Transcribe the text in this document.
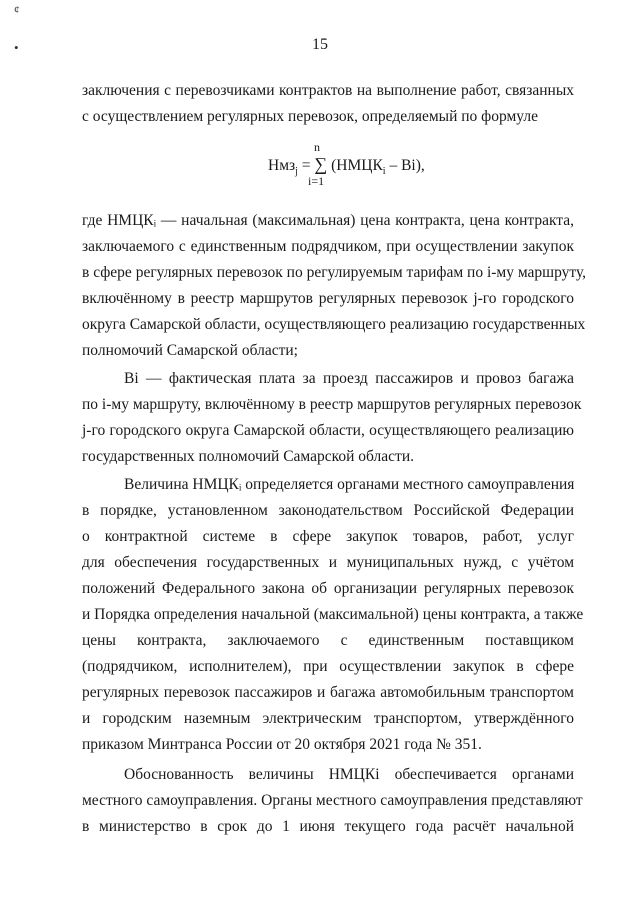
¢
•	15
заключения с перевозчиками контрактов на выполнение работ, связанных
с осуществлением регулярных перевозок, определяемый по формуле
n
Нмз$_j$ = ∑ $(НМЦК_i - Bi)$,
i=1
где НМЦКᵢ — начальная (максимальная) цена контракта, цена контракта,
заключаемого с единственным подрядчиком, при осуществлении закупок
в сфере регулярных перевозок по регулируемым тарифам по i-му маршруту,
включённому в реестр маршрутов регулярных перевозок j-го городского
округа Самарской области, осуществляющего реализацию государственных
полномочий Самарской области;
Bi — фактическая плата за проезд пассажиров и провоз багажа
по i-му маршруту, включённому в реестр маршрутов регулярных перевозок
j-го городского округа Самарской области, осуществляющего реализацию
государственных полномочий Самарской области.
Величина НМЦКᵢ определяется органами местного самоуправления
в порядке, установленном законодательством Российской Федерации
о контрактной системе в сфере закупок товаров, работ, услуг
для обеспечения государственных и муниципальных нужд, с учётом
положений Федерального закона об организации регулярных перевозок
и Порядка определения начальной (максимальной) цены контракта, а также
цены контракта, заключаемого с единственным поставщиком
(подрядчиком, исполнителем), при осуществлении закупок в сфере
регулярных перевозок пассажиров и багажа автомобильным транспортом
и городским наземным электрическим транспортом, утверждённого
приказом Минтранса России от 20 октября 2021 года № 351.
Обоснованность величины НМЦКi обеспечивается органами
местного самоуправления. Органы местного самоуправления представляют
в министерство в срок до 1 июня текущего года расчёт начальной
